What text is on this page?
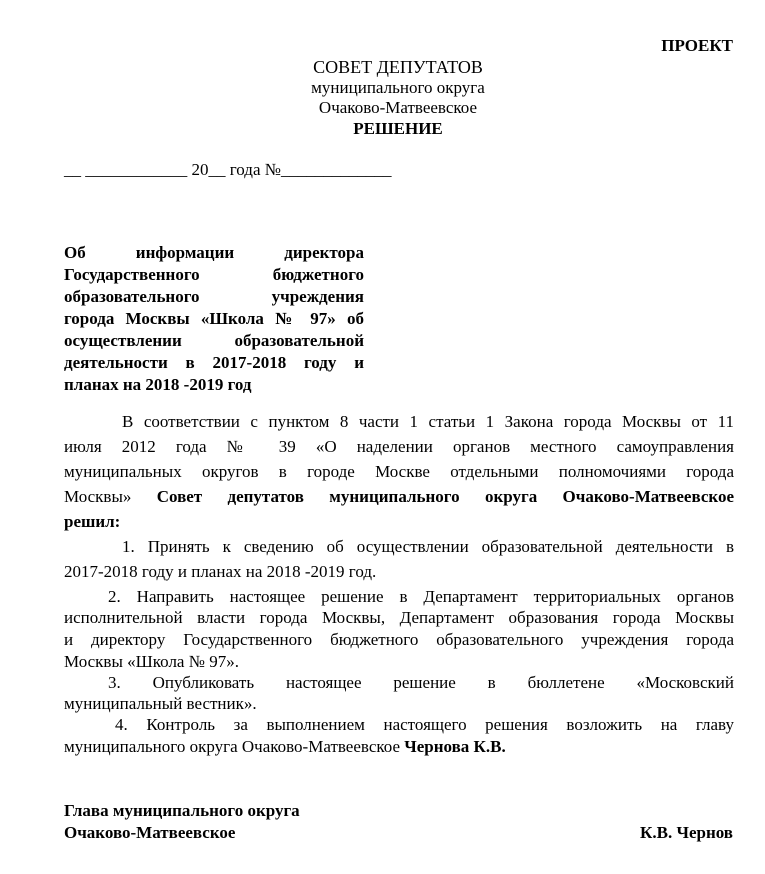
ПРОЕКТ
СОВЕТ ДЕПУТАТОВ
муниципального округа
Очаково-Матвеевское
РЕШЕНИЕ
__ ____________ 20__ года №_____________
Об информации директора
Государственного бюджетного
образовательного учреждения
города Москвы «Школа № 97» об
осуществлении образовательной
деятельности в 2017-2018 году и
планах на 2018 -2019 год
В соответствии с пунктом 8 части 1 статьи 1 Закона города Москвы от 11
июля 2012 года № 39 «О наделении органов местного самоуправления
муниципальных округов в городе Москве отдельными полномочиями города
Москвы» Совет депутатов муниципального округа Очаково-Матвеевское
решил:
1. Принять к сведению об осуществлении образовательной деятельности в
2017-2018 году и планах на 2018 -2019 год.
2. Направить настоящее решение в Департамент территориальных органов
исполнительной власти города Москвы, Департамент образования города Москвы
и директору Государственного бюджетного образовательного учреждения города
Москвы «Школа № 97».
3. Опубликовать настоящее решение в бюллетене «Московский
муниципальный вестник».
4. Контроль за выполнением настоящего решения возложить на главу
муниципального округа Очаково-Матвеевское Чернова К.В.
Глава муниципального округа
Очаково-Матвеевское	К.В. Чернов
